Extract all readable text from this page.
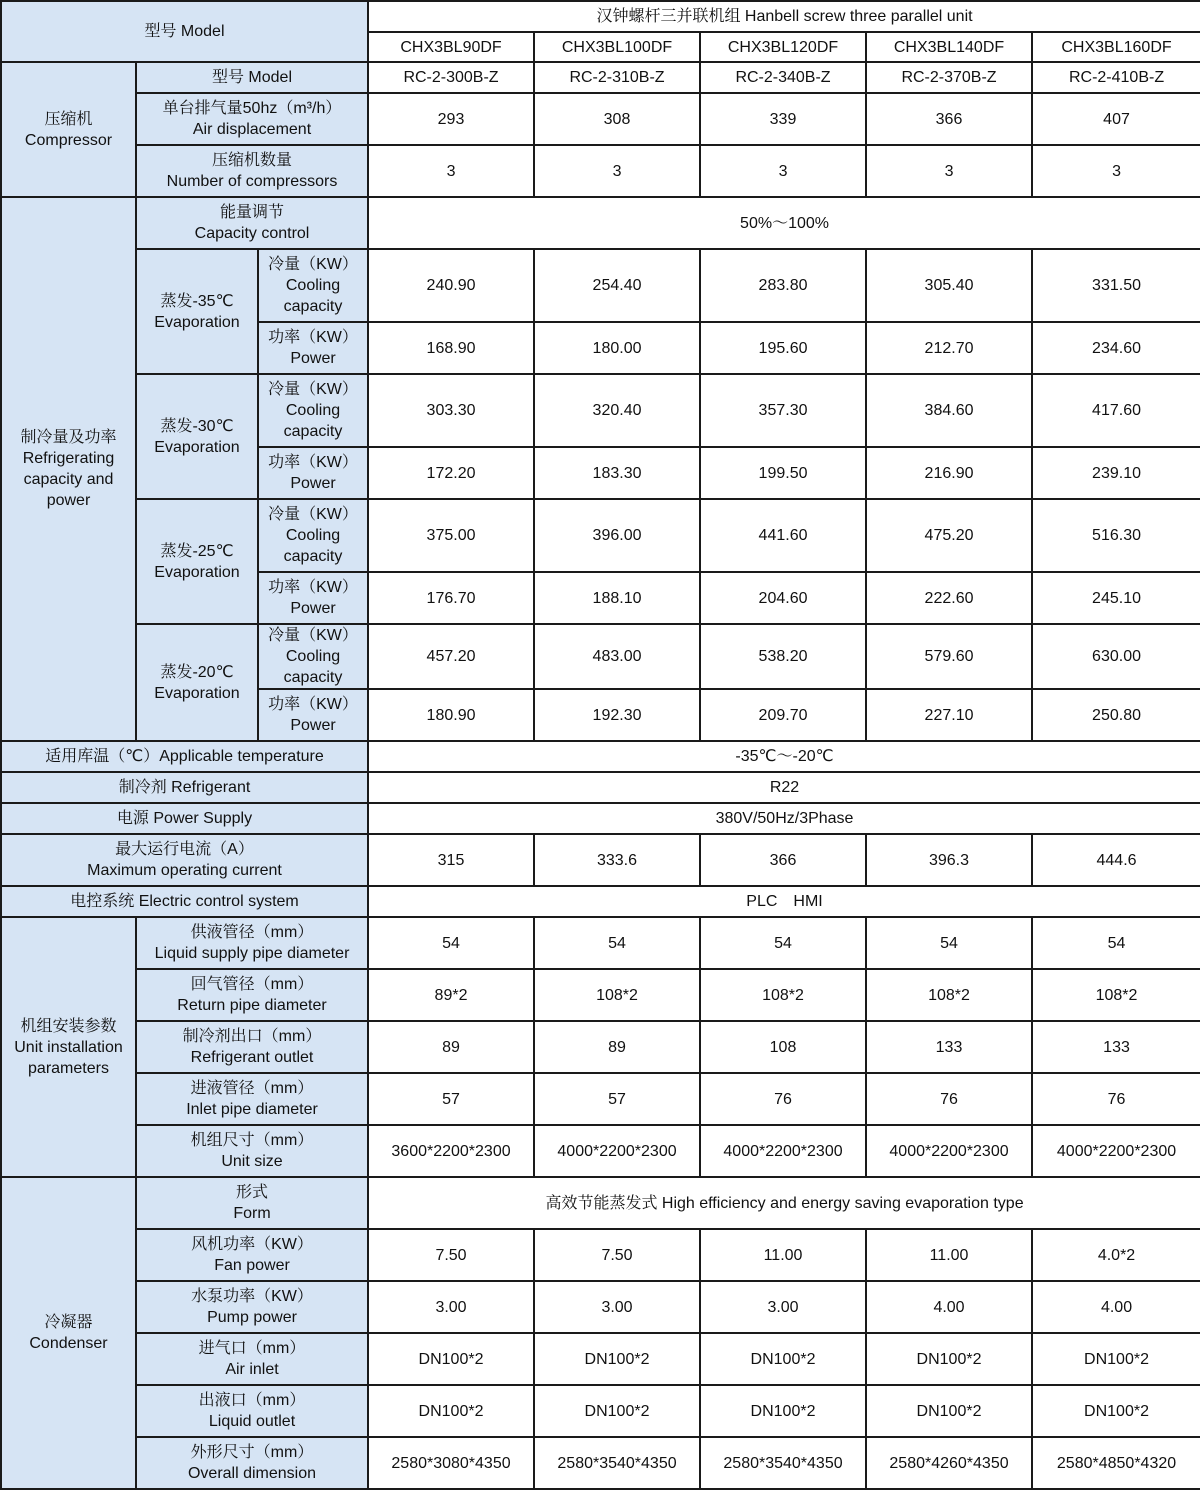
型号 Model			汉钟螺杆三并联机组 Hanbell screw three parallel unit				

			CHX3BL90DF	CHX3BL100DF	CHX3BL120DF	CHX3BL140DF	CHX3BL160DF

压缩机
Compressor	型号 Model		RC-2-300B-Z	RC-2-310B-Z	RC-2-340B-Z	RC-2-370B-Z	RC-2-410B-Z

	单台排气量50hz（m³/h）
Air displacement		293	308	339	366	407

	压缩机数量
Number of compressors		3	3	3	3	3

制冷量及功率
Refrigerating
capacity and
power	能量调节
Capacity control		50%～100%				

	蒸发-35℃
Evaporation	冷量（KW）
Cooling
capacity	240.90	254.40	283.80	305.40	331.50

		功率（KW）
Power	168.90	180.00	195.60	212.70	234.60

	蒸发-30℃
Evaporation	冷量（KW）
Cooling
capacity	303.30	320.40	357.30	384.60	417.60

		功率（KW）
Power	172.20	183.30	199.50	216.90	239.10

	蒸发-25℃
Evaporation	冷量（KW）
Cooling
capacity	375.00	396.00	441.60	475.20	516.30

		功率（KW）
Power	176.70	188.10	204.60	222.60	245.10

	蒸发-20℃
Evaporation	冷量（KW）
Cooling
capacity	457.20	483.00	538.20	579.60	630.00

		功率（KW）
Power	180.90	192.30	209.70	227.10	250.80

适用库温（℃）Applicable temperature			-35℃～-20℃				

制冷剂 Refrigerant			R22				

电源 Power Supply			380V/50Hz/3Phase				

最大运行电流（A）
Maximum operating current			315	333.6	366	396.3	444.6

电控系统 Electric control system			PLC　HMI				

机组安装参数
Unit installation
parameters	供液管径（mm）
Liquid supply pipe diameter		54	54	54	54	54

	回气管径（mm）
Return pipe diameter		89*2	108*2	108*2	108*2	108*2

	制冷剂出口（mm）
Refrigerant outlet		89	89	108	133	133

	进液管径（mm）
Inlet pipe diameter		57	57	76	76	76

	机组尺寸（mm）
Unit size		3600*2200*2300	4000*2200*2300	4000*2200*2300	4000*2200*2300	4000*2200*2300

冷凝器
Condenser	形式
Form		高效节能蒸发式 High efficiency and energy saving evaporation type				

	风机功率（KW）
Fan power		7.50	7.50	11.00	11.00	4.0*2

	水泵功率（KW）
Pump power		3.00	3.00	3.00	4.00	4.00

	进气口（mm）
Air inlet		DN100*2	DN100*2	DN100*2	DN100*2	DN100*2

	出液口（mm）
Liquid outlet		DN100*2	DN100*2	DN100*2	DN100*2	DN100*2

	外形尺寸（mm）
Overall dimension		2580*3080*4350	2580*3540*4350	2580*3540*4350	2580*4260*4350	2580*4850*4320
